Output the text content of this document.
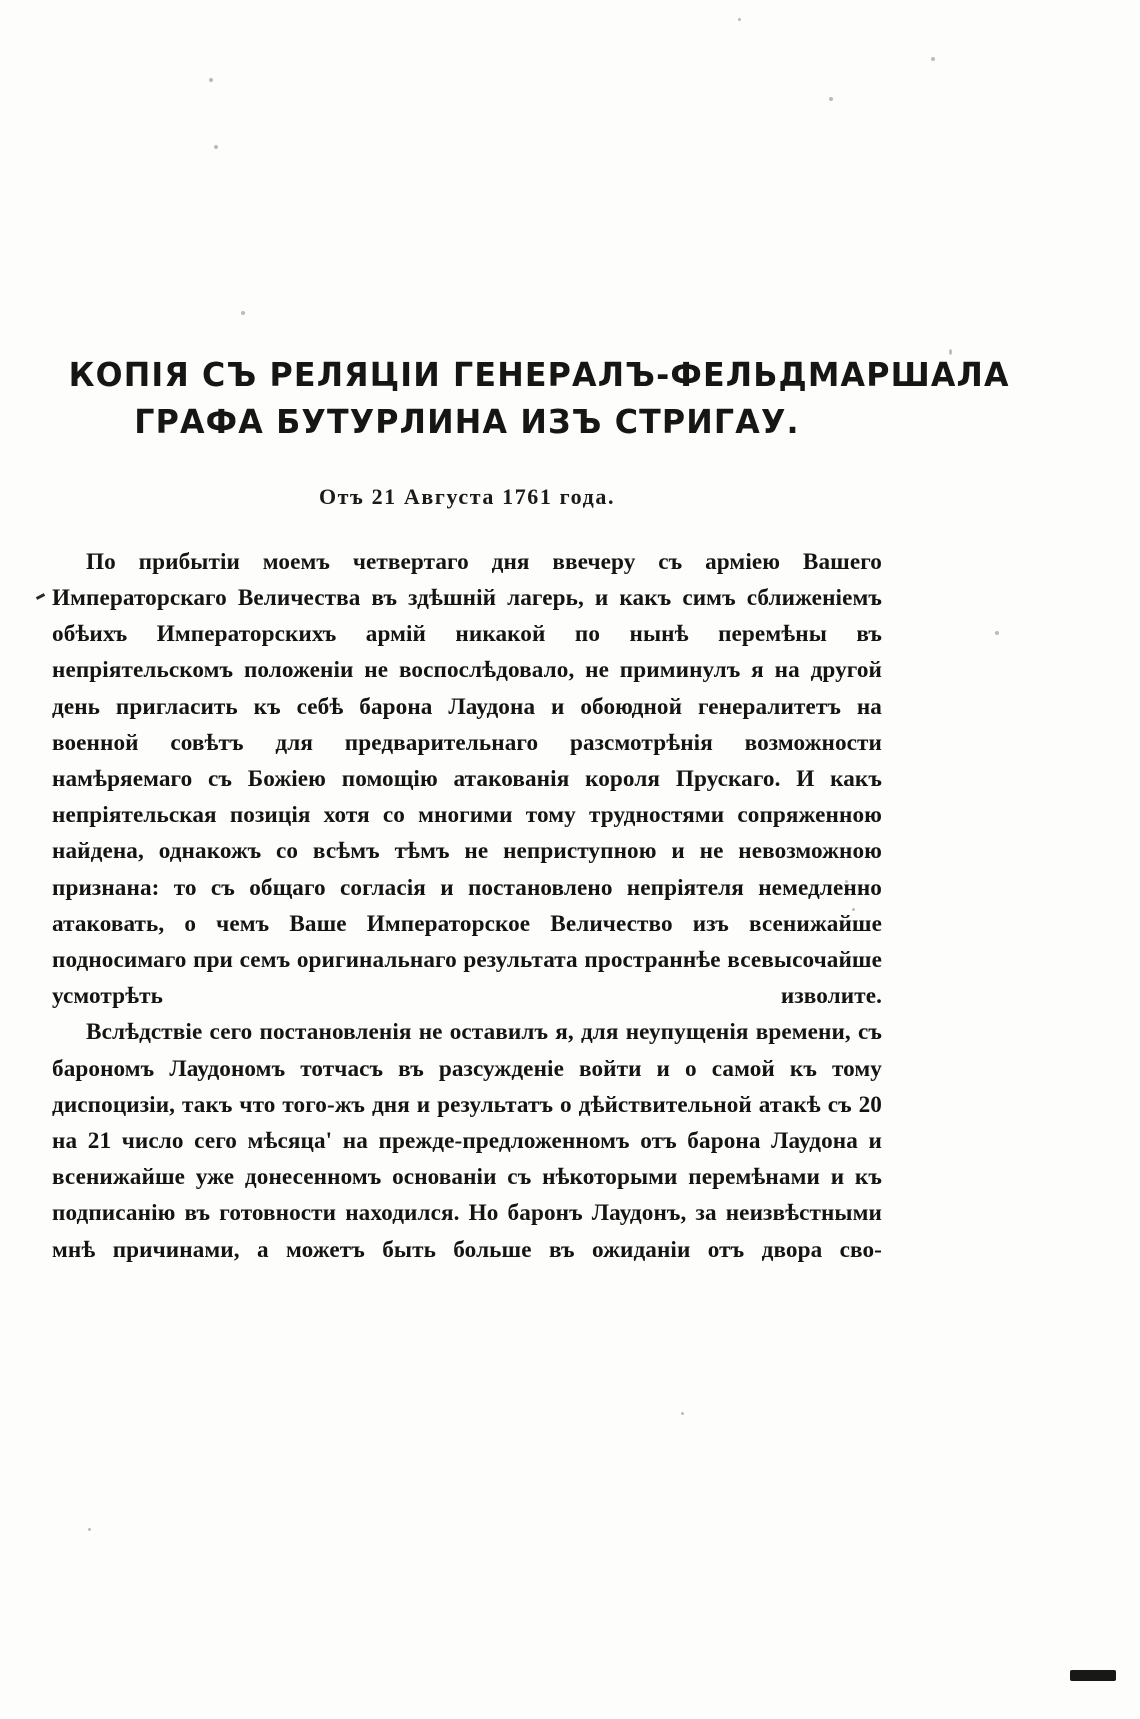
КОПІЯ СЪ РЕЛЯЦІИ ГЕНЕРАЛЪ-ФЕЛЬДМАРШАЛА
ГРАФА БУТУРЛИНА ИЗЪ СТРИГАУ.
Отъ 21 Августа 1761 года.

По прибытіи моемъ четвертаго дня ввечеру съ арміею Вашего Императорскаго Величества въ здѣшній лагерь, и какъ симъ сближеніемъ обѣихъ Императорскихъ армій никакой по нынѣ перемѣны въ непріятельскомъ положеніи не воспослѣдовало, не приминулъ я на другой день пригласить къ себѣ барона Лаудона и обоюдной генералитетъ на военной совѣтъ для предварительнаго разсмотрѣнія возможности намѣряемаго съ Божіею помощію атакованія короля Прускаго. И какъ непріятельская позиція хотя со многими тому трудностями сопряженною найдена, однакожъ со всѣмъ тѣмъ не неприступною и не невозможною признана: то съ общаго согласія и постановлено непріятеля немедленно атаковать, о чемъ Ваше Императорское Величество изъ всенижайше подносимаго при семъ оригинальнаго результата пространнѣе всевысочайше усмотрѣть изволите.

Вслѣдствіе сего постановленія не оставилъ я, для неупущенія времени, съ барономъ Лаудономъ тотчасъ въ разсужденіе войти и о самой къ тому диспоцизіи, такъ что того-жъ дня и результатъ о дѣйствительной атакѣ съ 20 на 21 число сего мѣсяца' на прежде-предложенномъ отъ барона Лаудона и всенижайше уже донесенномъ основаніи съ нѣкоторыми перемѣнами и къ подписанію въ готовности находился. Но баронъ Лаудонъ, за неизвѣстными мнѣ причинами, а можетъ быть больше въ ожиданіи отъ двора сво-
